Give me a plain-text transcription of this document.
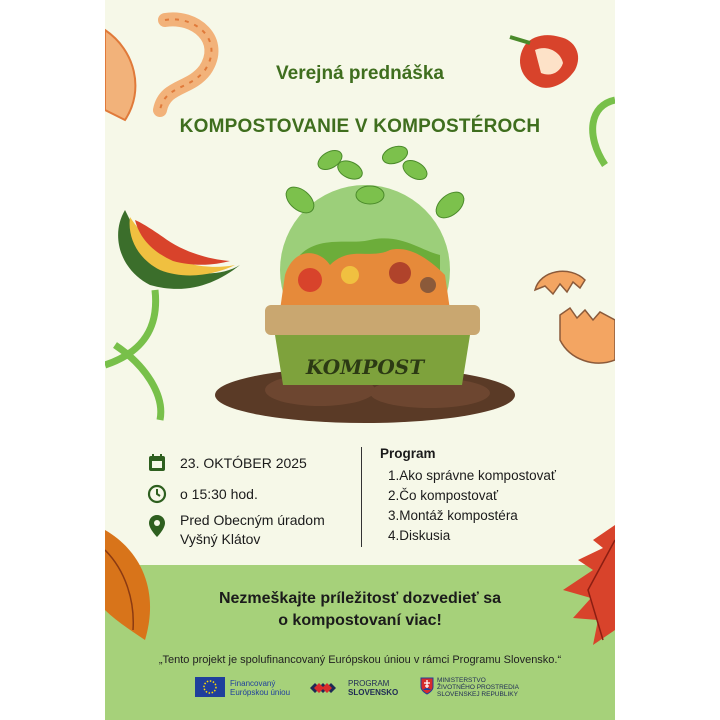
Verejná prednáška
KOMPOSTOVANIE V KOMPOSTÉROCH
KOMPOST
23. OKTÓBER 2025
o 15:30 hod.
Pred Obecným úradom
Vyšný Klátov
Program
1.Ako správne kompostovať
2.Čo kompostovať
3.Montáž kompostéra
4.Diskusia
Nezmeškajte príležitosť dozvedieť sa
o kompostovaní viac!
„Tento projekt je spolufinancovaný Európskou úniou v rámci Programu Slovensko.“
Financovaný
Európskou úniou
PROGRAM
SLOVENSKO
MINISTERSTVO
ŽIVOTNÉHO PROSTREDIA
SLOVENSKEJ REPUBLIKY
